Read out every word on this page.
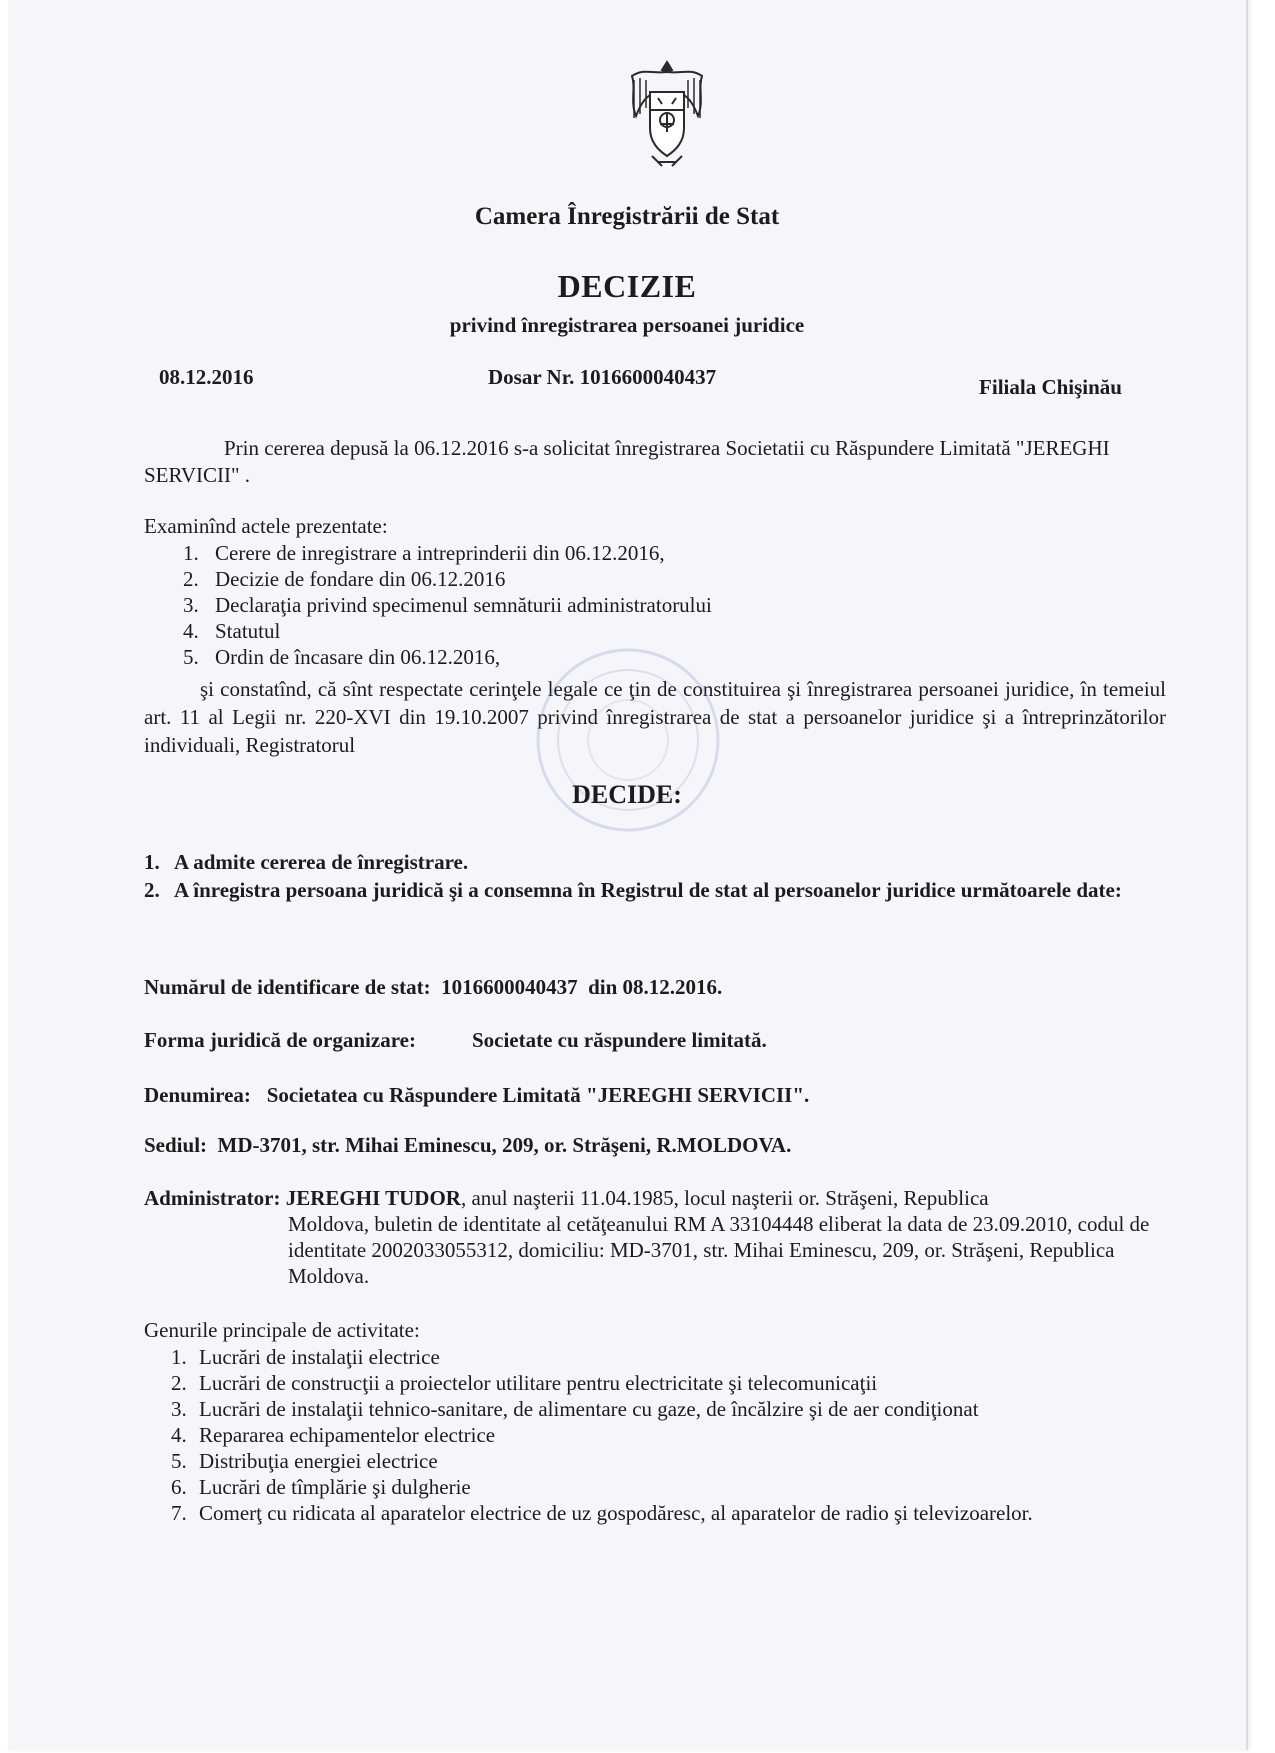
Camera Înregistrării de Stat
DECIZIE
privind înregistrarea persoanei juridice
08.12.2016	Dosar Nr. 1016600040437	Filiala Chişinău
Prin cererea depusă la 06.12.2016 s-a solicitat înregistrarea Societatii cu Răspundere Limitată "JEREGHI SERVICII" .
Examinînd actele prezentate:
1. Cerere de inregistrare a intreprinderii din 06.12.2016,
2. Decizie de fondare din 06.12.2016
3. Declaraţia privind specimenul semnăturii administratorului
4. Statutul
5. Ordin de încasare din 06.12.2016,
şi constatînd, că sînt respectate cerinţele legale ce ţin de constituirea şi înregistrarea persoanei juridice, în temeiul art. 11 al Legii nr. 220-XVI din 19.10.2007 privind înregistrarea de stat a persoanelor juridice şi a întreprinzătorilor individuali, Registratorul
DECIDE:
1. A admite cererea de înregistrare.
2. A înregistra persoana juridică şi a consemna în Registrul de stat al persoanelor juridice următoarele date:
Numărul de identificare de stat: 1016600040437 din 08.12.2016.
Forma juridică de organizare:	Societate cu răspundere limitată.
Denumirea: Societatea cu Răspundere Limitată "JEREGHI SERVICII".
Sediul: MD-3701, str. Mihai Eminescu, 209, or. Străşeni, R.MOLDOVA.
Administrator: JEREGHI TUDOR, anul naşterii 11.04.1985, locul naşterii or. Străşeni, Republica
Moldova, buletin de identitate al cetăţeanului RM A 33104448 eliberat la data de 23.09.2010, codul de identitate 2002033055312, domiciliu: MD-3701, str. Mihai Eminescu, 209, or. Străşeni, Republica Moldova.
Genurile principale de activitate:
1. Lucrări de instalaţii electrice
2. Lucrări de construcţii a proiectelor utilitare pentru electricitate şi telecomunicaţii
3. Lucrări de instalaţii tehnico-sanitare, de alimentare cu gaze, de încălzire şi de aer condiţionat
4. Repararea echipamentelor electrice
5. Distribuţia energiei electrice
6. Lucrări de tîmplărie şi dulgherie
7. Comerţ cu ridicata al aparatelor electrice de uz gospodăresc, al aparatelor de radio şi televizoarelor.
